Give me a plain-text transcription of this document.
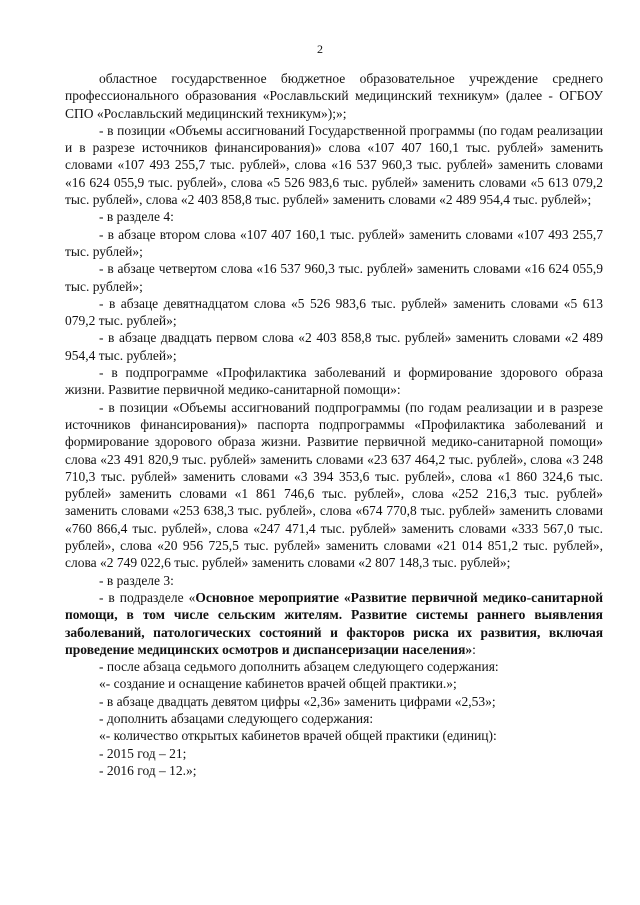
2

областное государственное бюджетное образовательное учреждение среднего профессионального образования «Рославльский медицинский техникум» (далее - ОГБОУ СПО «Рославльский медицинский техникум»);»;

- в позиции «Объемы ассигнований Государственной программы (по годам реализации и в разрезе источников финансирования)» слова «107 407 160,1 тыс. рублей» заменить словами «107 493 255,7 тыс. рублей», слова «16 537 960,3 тыс. рублей» заменить словами «16 624 055,9 тыс. рублей», слова «5 526 983,6 тыс. рублей» заменить словами «5 613 079,2 тыс. рублей», слова «2 403 858,8 тыс. рублей» заменить словами «2 489 954,4 тыс. рублей»;

- в разделе 4:

- в абзаце втором слова «107 407 160,1 тыс. рублей» заменить словами «107 493 255,7 тыс. рублей»;

- в абзаце четвертом слова «16 537 960,3 тыс. рублей» заменить словами «16 624 055,9 тыс. рублей»;

- в абзаце девятнадцатом слова «5 526 983,6 тыс. рублей» заменить словами «5 613 079,2 тыс. рублей»;

- в абзаце двадцать первом слова «2 403 858,8 тыс. рублей» заменить словами «2 489 954,4 тыс. рублей»;

- в подпрограмме «Профилактика заболеваний и формирование здорового образа жизни. Развитие первичной медико-санитарной помощи»:

- в позиции «Объемы ассигнований подпрограммы (по годам реализации и в разрезе источников финансирования)» паспорта подпрограммы «Профилактика заболеваний и формирование здорового образа жизни. Развитие первичной медико-санитарной помощи» слова «23 491 820,9 тыс. рублей» заменить словами «23 637 464,2 тыс. рублей», слова «3 248 710,3 тыс. рублей» заменить словами «3 394 353,6 тыс. рублей», слова «1 860 324,6 тыс. рублей» заменить словами «1 861 746,6 тыс. рублей», слова «252 216,3 тыс. рублей» заменить словами «253 638,3 тыс. рублей», слова «674 770,8 тыс. рублей» заменить словами «760 866,4 тыс. рублей», слова «247 471,4 тыс. рублей» заменить словами «333 567,0 тыс. рублей», слова «20 956 725,5 тыс. рублей» заменить словами «21 014 851,2 тыс. рублей», слова «2 749 022,6 тыс. рублей» заменить словами «2 807 148,3 тыс. рублей»;

- в разделе 3:

- в подразделе «Основное мероприятие «Развитие первичной медико-санитарной помощи, в том числе сельским жителям. Развитие системы раннего выявления заболеваний, патологических состояний и факторов риска их развития, включая проведение медицинских осмотров и диспансеризации населения»:

- после абзаца седьмого дополнить абзацем следующего содержания:

«- создание и оснащение кабинетов врачей общей практики.»;

- в абзаце двадцать девятом цифры «2,36» заменить цифрами «2,53»;

- дополнить абзацами следующего содержания:

«- количество открытых кабинетов врачей общей практики (единиц):

- 2015 год – 21;

- 2016 год – 12.»;
